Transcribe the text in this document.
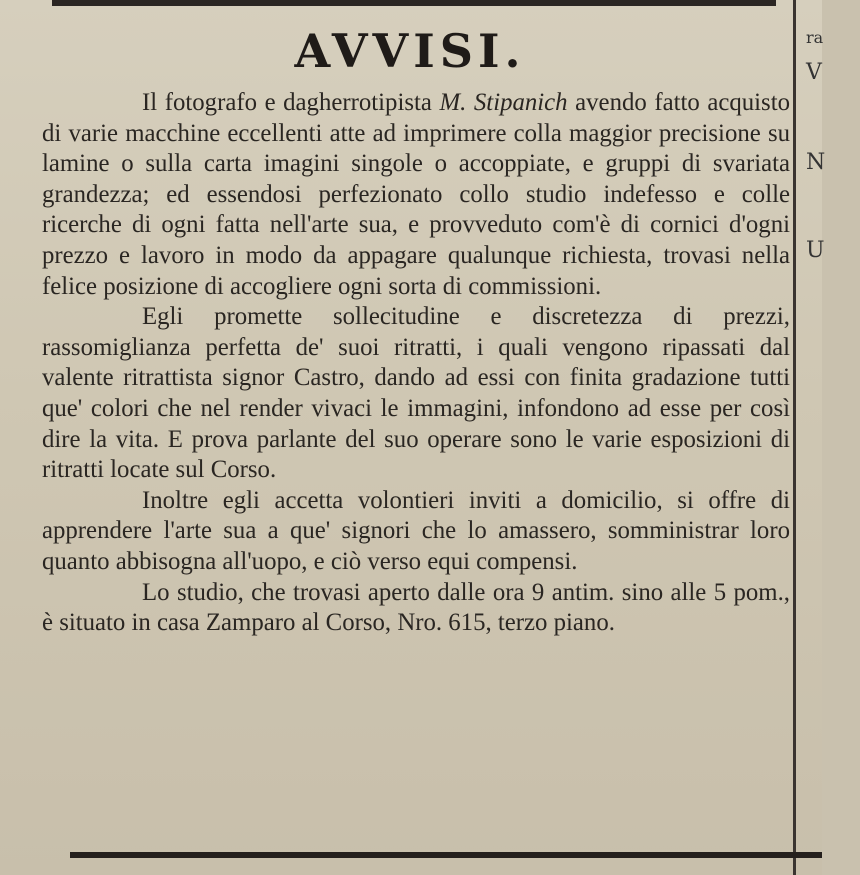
ra
V
N
U
AVVISI.

Il fotografo e dagherrotipista M. Stipanich avendo fatto acquisto di varie macchine eccellenti atte ad imprimere colla maggior precisione su lamine o sulla carta imagini singole o accoppiate, e gruppi di svariata grandezza; ed essendosi perfezionato collo studio indefesso e colle ricerche di ogni fatta nell'arte sua, e provveduto com'è di cornici d'ogni prezzo e lavoro in modo da appagare qualunque richiesta, trovasi nella felice posizione di accogliere ogni sorta di commissioni.

Egli promette sollecitudine e discretezza di prezzi, rassomiglianza perfetta de' suoi ritratti, i quali vengono ripassati dal valente ritrattista signor Castro, dando ad essi con finita gradazione tutti que' colori che nel render vivaci le immagini, infondono ad esse per così dire la vita. E prova parlante del suo operare sono le varie esposizioni di ritratti locate sul Corso.

Inoltre egli accetta volontieri inviti a domicilio, si offre di apprendere l'arte sua a que' signori che lo amassero, somministrar loro quanto abbisogna all'uopo, e ciò verso equi compensi.

Lo studio, che trovasi aperto dalle ora 9 antim. sino alle 5 pom., è situato in casa Zamparo al Corso, Nro. 615, terzo piano.
